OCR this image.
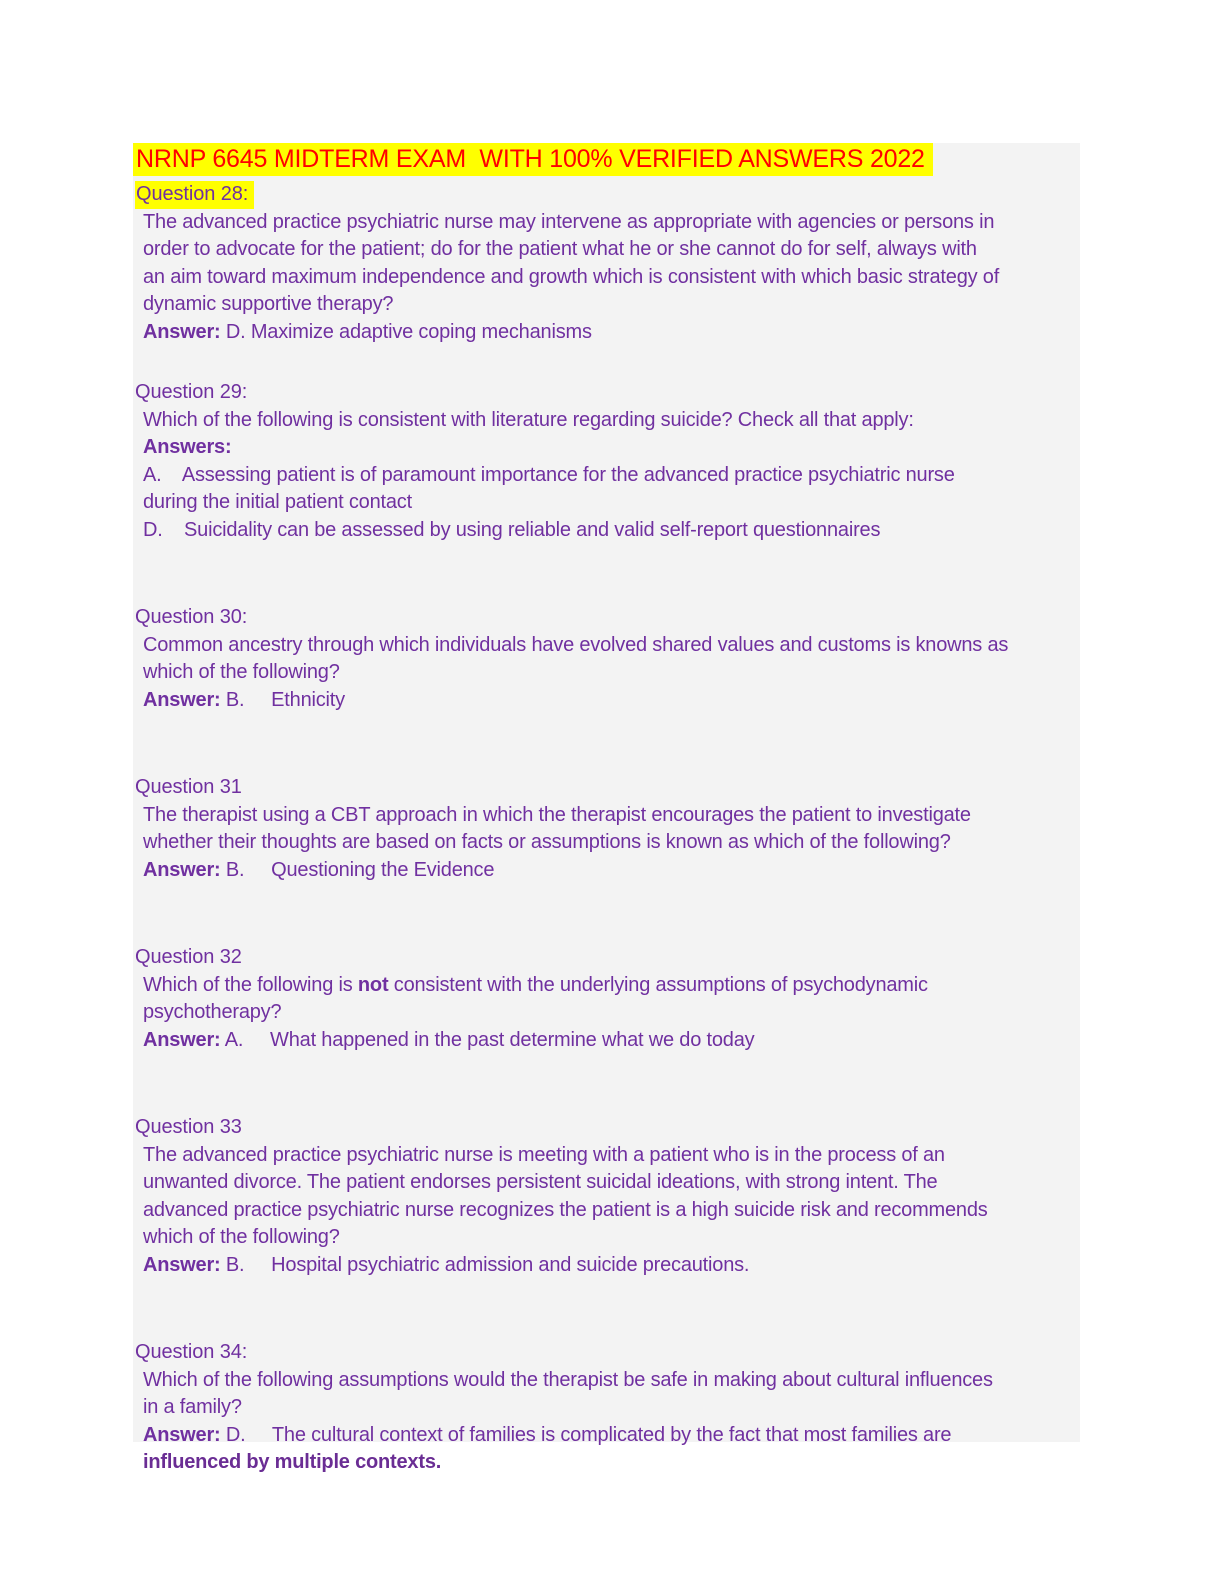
NRNP 6645 MIDTERM EXAM  WITH 100% VERIFIED ANSWERS 2022
Question 28:
The advanced practice psychiatric nurse may intervene as appropriate with agencies or persons in
order to advocate for the patient; do for the patient what he or she cannot do for self, always with
an aim toward maximum independence and growth which is consistent with which basic strategy of
dynamic supportive therapy?
Answer: D. Maximize adaptive coping mechanisms
Question 29:
Which of the following is consistent with literature regarding suicide? Check all that apply:
Answers:
A.    Assessing patient is of paramount importance for the advanced practice psychiatric nurse
during the initial patient contact
D.    Suicidality can be assessed by using reliable and valid self-report questionnaires
Question 30:
Common ancestry through which individuals have evolved shared values and customs is knowns as
which of the following?
Answer: B.     Ethnicity
Question 31
The therapist using a CBT approach in which the therapist encourages the patient to investigate
whether their thoughts are based on facts or assumptions is known as which of the following?
Answer: B.     Questioning the Evidence
Question 32
Which of the following is not consistent with the underlying assumptions of psychodynamic
psychotherapy?
Answer: A.     What happened in the past determine what we do today
Question 33
The advanced practice psychiatric nurse is meeting with a patient who is in the process of an
unwanted divorce. The patient endorses persistent suicidal ideations, with strong intent. The
advanced practice psychiatric nurse recognizes the patient is a high suicide risk and recommends
which of the following?
Answer: B.     Hospital psychiatric admission and suicide precautions.
Question 34:
Which of the following assumptions would the therapist be safe in making about cultural influences
in a family?
Answer: D.     The cultural context of families is complicated by the fact that most families are
influenced by multiple contexts.
